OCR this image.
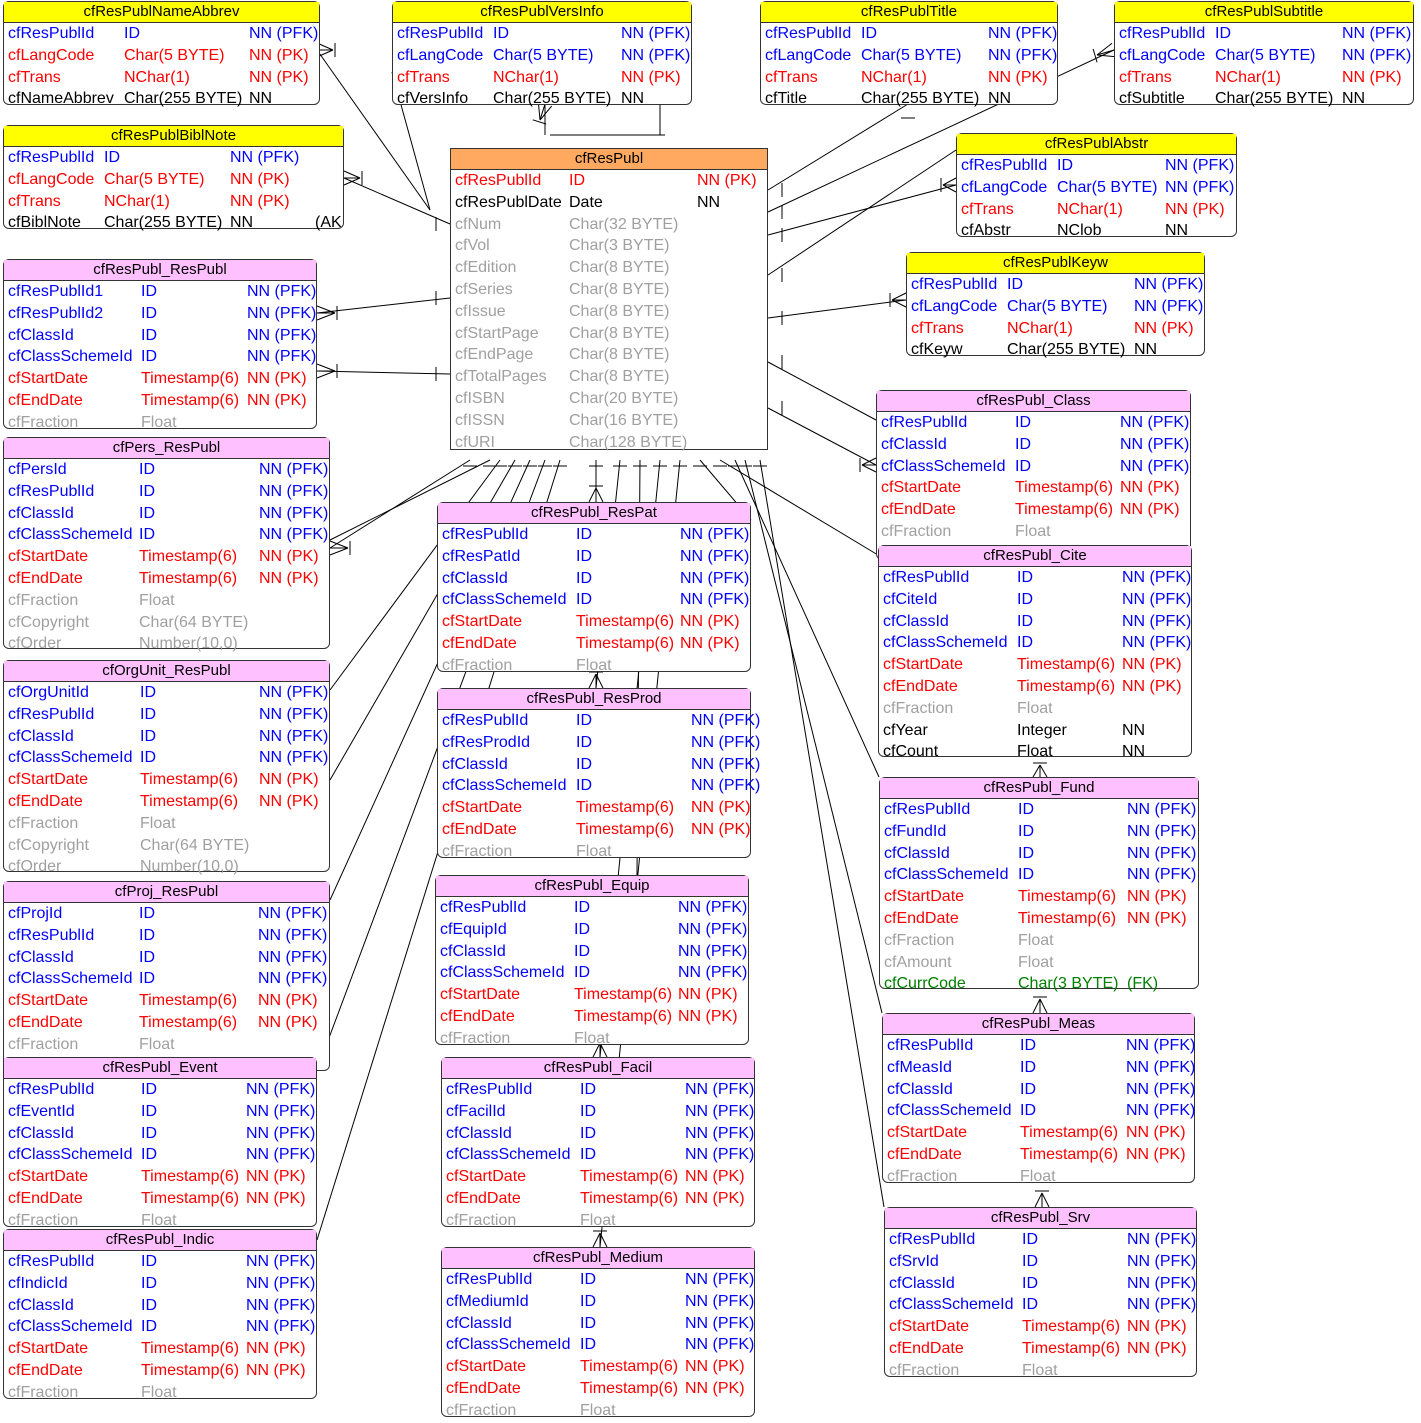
cfResPublNameAbbrev
cfResPublId ID	NN (PFK)
cfLangCode Char(5 BYTE) NN (PK)
cfTrans	NChar(1)	NN (PK)
cfNameAbbrev Char(255 BYTE) NN
cfResPublVersInfo
cfResPublId ID	NN (PFK)
cfLangCode Char(5 BYTE) NN (PFK)
cfTrans	NChar(1)	NN (PK)
cfVersInfo Char(255 BYTE) NN
cfResPublTitle
cfResPublId ID	NN (PFK)
cfLangCode Char(5 BYTE) NN (PFK)
cfTrans	NChar(1)	NN (PK)
cfTitle	Char(255 BYTE) NN
cfResPublSubtitle
cfResPublId ID	NN (PFK)
cfLangCode Char(5 BYTE) NN (PFK)
cfTrans	NChar(1)	NN (PK)
cfSubtitle Char(255 BYTE) NN
cfResPublBiblNote
cfResPublId ID	NN (PFK)
cfLangCode Char(5 BYTE) NN (PK)
cfTrans	NChar(1)	NN (PK)
cfBiblNote Char(255 BYTE) NN	(AK
cfResPubl
cfResPublId ID	NN (PK)
cfResPublDate Date	NN
cfNum	Char(32 BYTE)
cfVol	Char(3 BYTE)
cfEdition	Char(8 BYTE)
cfSeries	Char(8 BYTE)
cfIssue	Char(8 BYTE)
cfStartPage Char(8 BYTE)
cfEndPage Char(8 BYTE)
cfTotalPages Char(8 BYTE)
cfISBN	Char(20 BYTE)
cfISSN	Char(16 BYTE)
cfURI	Char(128 BYTE)
cfResPublAbstr
cfResPublId ID	NN (PFK)
cfLangCode Char(5 BYTE) NN (PFK)
cfTrans	NChar(1)	NN (PK)
cfAbstr	NClob	NN
cfResPublKeyw
cfResPublId ID	NN (PFK)
cfLangCode Char(5 BYTE) NN (PFK)
cfTrans	NChar(1)	NN (PK)
cfKeyw	Char(255 BYTE) NN
cfResPubl_ResPubl
cfResPublId1 ID	NN (PFK)
cfResPublId2 ID	NN (PFK)
cfClassId	ID	NN (PFK)
cfClassSchemeId ID	NN (PFK)
cfStartDate	Timestamp(6) NN (PK)
cfEndDate	Timestamp(6) NN (PK)
cfFraction	Float
cfPers_ResPubl
cfPersId	ID	NN (PFK)
cfResPublId	ID	NN (PFK)
cfClassId	ID	NN (PFK)
cfClassSchemeId ID	NN (PFK)
cfStartDate	Timestamp(6) NN (PK)
cfEndDate	Timestamp(6) NN (PK)
cfFraction	Float
cfCopyright	Char(64 BYTE)
cfOrder	Number(10,0)
cfOrgUnit_ResPubl
cfOrgUnitId	ID	NN (PFK)
cfResPublId	ID	NN (PFK)
cfClassId	ID	NN (PFK)
cfClassSchemeId ID	NN (PFK)
cfStartDate	Timestamp(6) NN (PK)
cfEndDate	Timestamp(6) NN (PK)
cfFraction	Float
cfCopyright	Char(64 BYTE)
cfOrder	Number(10,0)
cfProj_ResPubl
cfProjId	ID	NN (PFK)
cfResPublId	ID	NN (PFK)
cfClassId	ID	NN (PFK)
cfClassSchemeId ID	NN (PFK)
cfStartDate	Timestamp(6) NN (PK)
cfEndDate	Timestamp(6) NN (PK)
cfFraction	Float
cfResPubl_Event
cfResPublId	ID	NN (PFK)
cfEventId	ID	NN (PFK)
cfClassId	ID	NN (PFK)
cfClassSchemeId ID	NN (PFK)
cfStartDate	Timestamp(6) NN (PK)
cfEndDate	Timestamp(6) NN (PK)
cfFraction	Float
cfResPubl_Indic
cfResPublId	ID	NN (PFK)
cfIndicId	ID	NN (PFK)
cfClassId	ID	NN (PFK)
cfClassSchemeId ID	NN (PFK)
cfStartDate	Timestamp(6) NN (PK)
cfEndDate	Timestamp(6) NN (PK)
cfFraction	Float
cfResPubl_ResPat
cfResPublId	ID	NN (PFK)
cfResPatId	ID	NN (PFK)
cfClassId	ID	NN (PFK)
cfClassSchemeId ID	NN (PFK)
cfStartDate	Timestamp(6) NN (PK)
cfEndDate	Timestamp(6) NN (PK)
cfFraction	Float
cfResPubl_ResProd
cfResPublId	ID	NN (PFK)
cfResProdId	ID	NN (PFK)
cfClassId	ID	NN (PFK)
cfClassSchemeId ID	NN (PFK)
cfStartDate	Timestamp(6) NN (PK)
cfEndDate	Timestamp(6) NN (PK)
cfFraction	Float
cfResPubl_Equip
cfResPublId	ID	NN (PFK)
cfEquipId	ID	NN (PFK)
cfClassId	ID	NN (PFK)
cfClassSchemeId ID	NN (PFK)
cfStartDate	Timestamp(6) NN (PK)
cfEndDate	Timestamp(6) NN (PK)
cfFraction	Float
cfResPubl_Facil
cfResPublId	ID	NN (PFK)
cfFacilId	ID	NN (PFK)
cfClassId	ID	NN (PFK)
cfClassSchemeId ID	NN (PFK)
cfStartDate	Timestamp(6) NN (PK)
cfEndDate	Timestamp(6) NN (PK)
cfFraction	Float
cfResPubl_Medium
cfResPublId	ID	NN (PFK)
cfMediumId	ID	NN (PFK)
cfClassId	ID	NN (PFK)
cfClassSchemeId ID	NN (PFK)
cfStartDate	Timestamp(6) NN (PK)
cfEndDate	Timestamp(6) NN (PK)
cfFraction	Float
cfResPubl_Class
cfResPublId	ID	NN (PFK)
cfClassId	ID	NN (PFK)
cfClassSchemeId ID	NN (PFK)
cfStartDate	Timestamp(6) NN (PK)
cfEndDate	Timestamp(6) NN (PK)
cfFraction	Float
cfResPubl_Cite
cfResPublId	ID	NN (PFK)
cfCiteId	ID	NN (PFK)
cfClassId	ID	NN (PFK)
cfClassSchemeId ID	NN (PFK)
cfStartDate	Timestamp(6) NN (PK)
cfEndDate	Timestamp(6) NN (PK)
cfFraction	Float
cfYear	Integer	NN
cfCount	Float	NN
cfResPubl_Fund
cfResPublId	ID	NN (PFK)
cfFundId	ID	NN (PFK)
cfClassId	ID	NN (PFK)
cfClassSchemeId ID	NN (PFK)
cfStartDate	Timestamp(6) NN (PK)
cfEndDate	Timestamp(6) NN (PK)
cfFraction	Float
cfAmount	Float
cfCurrCode	Char(3 BYTE) (FK)
cfResPubl_Meas
cfResPublId	ID	NN (PFK)
cfMeasId	ID	NN (PFK)
cfClassId	ID	NN (PFK)
cfClassSchemeId ID	NN (PFK)
cfStartDate	Timestamp(6) NN (PK)
cfEndDate	Timestamp(6) NN (PK)
cfFraction	Float
cfResPubl_Srv
cfResPublId	ID	NN (PFK)
cfSrvId	ID	NN (PFK)
cfClassId	ID	NN (PFK)
cfClassSchemeId ID	NN (PFK)
cfStartDate	Timestamp(6) NN (PK)
cfEndDate	Timestamp(6) NN (PK)
cfFraction	Float
